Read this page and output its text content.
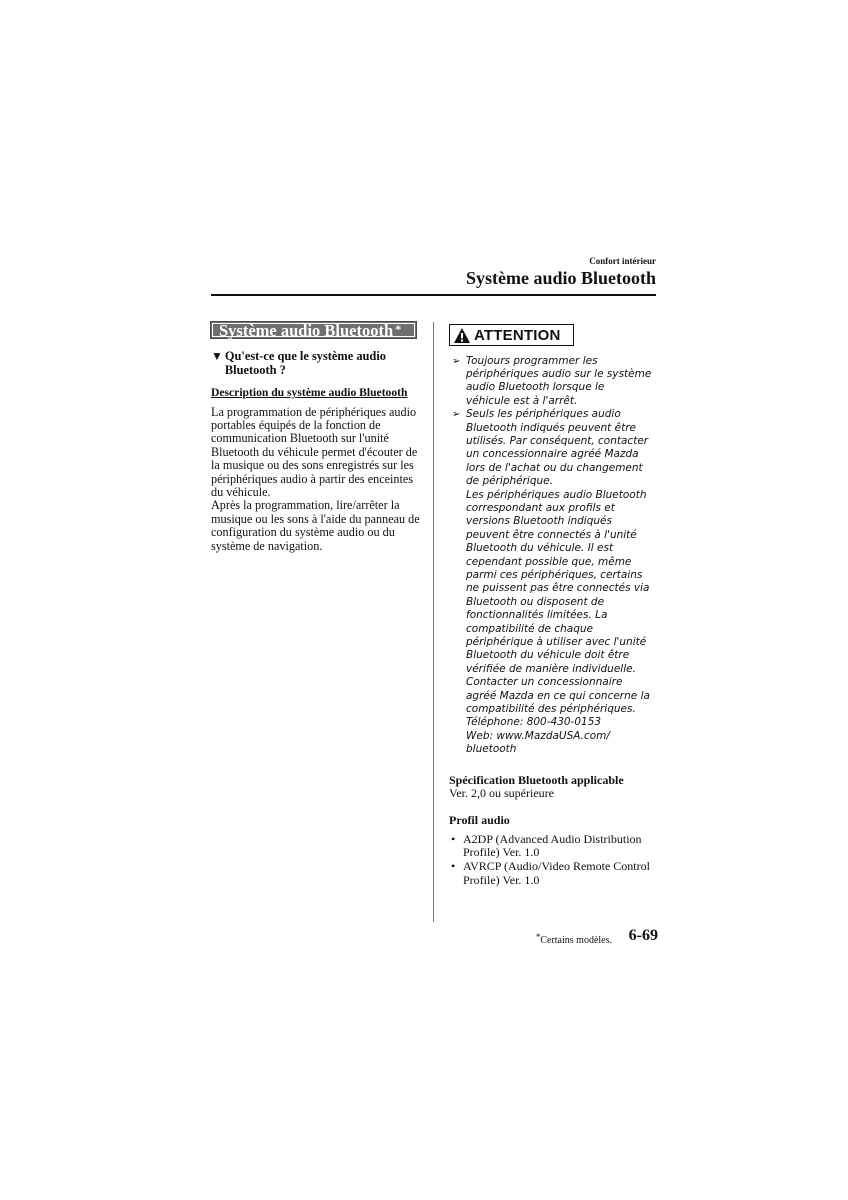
Confort intérieur
Système audio Bluetooth
Système audio Bluetooth *
▼ Qu'est-ce que le système audio Bluetooth ?
Description du système audio Bluetooth
La programmation de périphériques audio portables équipés de la fonction de communication Bluetooth sur l'unité Bluetooth du véhicule permet d'écouter de la musique ou des sons enregistrés sur les périphériques audio à partir des enceintes du véhicule.
Après la programmation, lire/arrêter la musique ou les sons à l'aide du panneau de configuration du système audio ou du système de navigation.
ATTENTION
➢ Toujours programmer les
périphériques audio sur le système
audio Bluetooth lorsque le
véhicule est à l'arrêt.
➢ Seuls les périphériques audio
Bluetooth indiqués peuvent être
utilisés. Par conséquent, contacter
un concessionnaire agréé Mazda
lors de l'achat ou du changement
de périphérique.
Les périphériques audio Bluetooth
correspondant aux profils et
versions Bluetooth indiqués
peuvent être connectés à l'unité
Bluetooth du véhicule. Il est
cependant possible que, même
parmi ces périphériques, certains
ne puissent pas être connectés via
Bluetooth ou disposent de
fonctionnalités limitées. La
compatibilité de chaque
périphérique à utiliser avec l'unité
Bluetooth du véhicule doit être
vérifiée de manière individuelle.
Contacter un concessionnaire
agréé Mazda en ce qui concerne la
compatibilité des périphériques.
Téléphone: 800-430-0153
Web: www.MazdaUSA.com/
bluetooth
Spécification Bluetooth applicable
Ver. 2,0 ou supérieure
Profil audio
• A2DP (Advanced Audio Distribution Profile) Ver. 1.0
• AVRCP (Audio/Video Remote Control Profile) Ver. 1.0
*Certains modèles.	6-69
